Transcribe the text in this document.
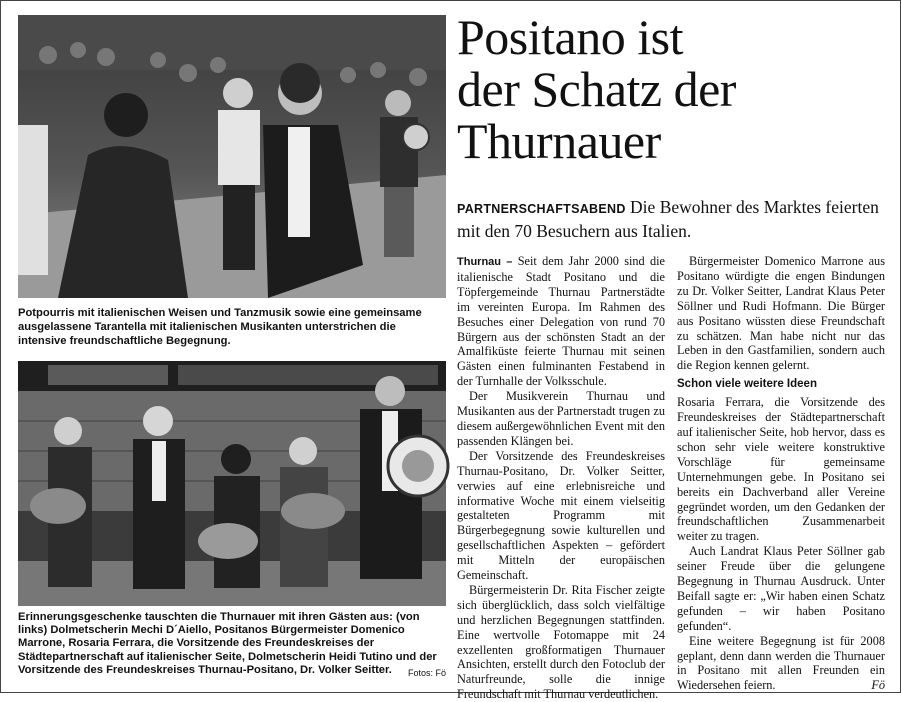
Potpourris mit italienischen Weisen und Tanzmusik sowie eine gemeinsame ausgelassene Tarantella mit italienischen Musikanten unterstrichen die intensive freundschaftliche Begegnung.
Erinnerungsgeschenke tauschten die Thurnauer mit ihren Gästen aus: (von links) Dolmetscherin Mechi D´Aiello, Positanos Bürgermeister Domenico Marrone, Rosaria Ferrara, die Vorsitzende des Freundeskreises der Städtepartnerschaft auf italienischer Seite, Dolmetscherin Heidi Tutino und der Vorsitzende des Freundeskreises Thurnau-Positano, Dr. Volker Seitter. Fotos: Fö
Positano ist
der Schatz der
Thurnauer
PARTNERSCHAFTSABEND Die Bewohner des Marktes feierten mit den 70 Besuchern aus Italien.

Thurnau – Seit dem Jahr 2000 sind die italienische Stadt Positano und die Töpfergemeinde Thurnau Partnerstädte im vereinten Europa. Im Rahmen des Besuches einer Delegation von rund 70 Bürgern aus der schönsten Stadt an der Amalfiküste feierte Thurnau mit seinen Gästen einen fulminanten Festabend in der Turnhalle der Volksschule.

Der Musikverein Thurnau und Musikanten aus der Partnerstadt trugen zu diesem außergewöhnlichen Event mit den passenden Klängen bei.

Der Vorsitzende des Freundeskreises Thurnau-Positano, Dr. Volker Seitter, verwies auf eine erlebnisreiche und informative Woche mit einem vielseitig gestalteten Programm mit Bürgerbegegnung sowie kulturellen und gesellschaftlichen Aspekten – gefördert mit Mitteln der europäischen Gemeinschaft.

Bürgermeisterin Dr. Rita Fischer zeigte sich überglücklich, dass solch vielfältige und herzlichen Begegnungen stattfinden. Eine wertvolle Fotomappe mit 24 exzellenten großformatigen Thurnauer Ansichten, erstellt durch den Fotoclub der Naturfreunde, solle die innige Freundschaft mit Thurnau verdeutlichen.

Bürgermeister Domenico Marrone aus Positano würdigte die engen Bindungen zu Dr. Volker Seitter, Landrat Klaus Peter Söllner und Rudi Hofmann. Die Bürger aus Positano wüssten diese Freundschaft zu schätzen. Man habe nicht nur das Leben in den Gastfamilien, sondern auch die Region kennen gelernt.

Schon viele weitere Ideen

Rosaria Ferrara, die Vorsitzende des Freundeskreises der Städtepartnerschaft auf italienischer Seite, hob hervor, dass es schon sehr viele weitere konstruktive Vorschläge für gemeinsame Unternehmungen gebe. In Positano sei bereits ein Dachverband aller Vereine gegründet worden, um den Gedanken der freundschaftlichen Zusammenarbeit weiter zu tragen.

Auch Landrat Klaus Peter Söllner gab seiner Freude über die gelungene Begegnung in Thurnau Ausdruck. Unter Beifall sagte er: „Wir haben einen Schatz gefunden – wir haben Positano gefunden“.

Eine weitere Begegnung ist für 2008 geplant, denn dann werden die Thurnauer in Positano mit allen Freunden ein Wiedersehen feiern.	Fö
